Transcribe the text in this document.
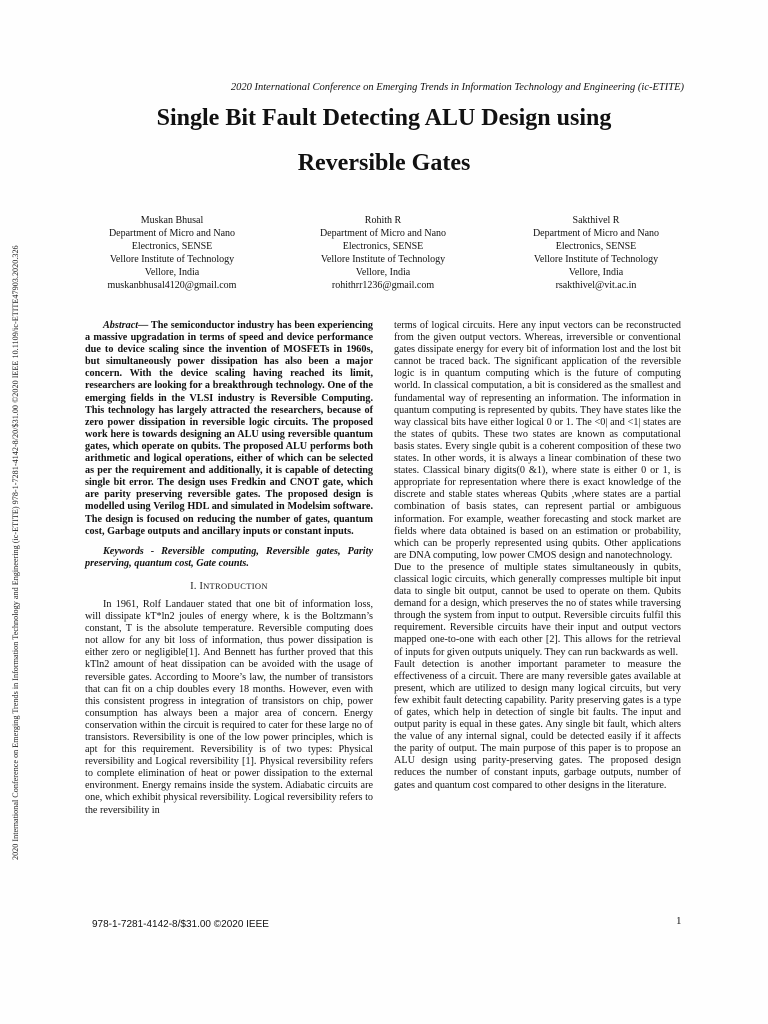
2020 International Conference on Emerging Trends in Information Technology and Engineering (ic-ETITE) 978-1-7281-4142-8/20/$31.00 ©2020 IEEE 10.1109/ic-ETITE47903.2020.326
2020 International Conference on Emerging Trends in Information Technology and Engineering (ic-ETITE)
Single Bit Fault Detecting ALU Design using
Reversible Gates
Muskan Bhusal
Department of Micro and Nano
Electronics, SENSE
Vellore Institute of Technology
Vellore, India
muskanbhusal4120@gmail.com
Rohith R
Department of Micro and Nano
Electronics, SENSE
Vellore Institute of Technology
Vellore, India
rohithrr1236@gmail.com
Sakthivel R
Department of Micro and Nano
Electronics, SENSE
Vellore Institute of Technology
Vellore, India
rsakthivel@vit.ac.in

Abstract— The semiconductor industry has been experiencing a massive upgradation in terms of speed and device performance due to device scaling since the invention of MOSFETs in 1960s, but simultaneously power dissipation has also been a major concern. With the device scaling having reached its limit, researchers are looking for a breakthrough technology. One of the emerging fields in the VLSI industry is Reversible Computing. This technology has largely attracted the researchers, because of zero power dissipation in reversible logic circuits. The proposed work here is towards designing an ALU using reversible quantum gates, which operate on qubits. The proposed ALU performs both arithmetic and logical operations, either of which can be selected as per the requirement and additionally, it is capable of detecting single bit error. The design uses Fredkin and CNOT gate, which are parity preserving reversible gates. The proposed design is modelled using Verilog HDL and simulated in Modelsim software. The design is focused on reducing the number of gates, quantum cost, Garbage outputs and ancillary inputs or constant inputs.

Keywords - Reversible computing, Reversible gates, Parity preserving, quantum cost, Gate counts.

I. INTRODUCTION

In 1961, Rolf Landauer stated that one bit of information loss, will dissipate kT*ln2 joules of energy where, k is the Boltzmann’s constant, T is the absolute temperature. Reversible computing does not allow for any bit loss of information, thus power dissipation is either zero or negligible[1]. And Bennett has further proved that this kTln2 amount of heat dissipation can be avoided with the usage of reversible gates. According to Moore’s law, the number of transistors that can fit on a chip doubles every 18 months. However, even with this consistent progress in integration of transistors on chip, power consumption has always been a major area of concern. Energy conservation within the circuit is required to cater for these large no of transistors. Reversibility is one of the low power principles, which is apt for this requirement. Reversibility is of two types: Physical reversibility and Logical reversibility [1]. Physical reversibility refers to complete elimination of heat or power dissipation to the external environment. Energy remains inside the system. Adiabatic circuits are one, which exhibit physical reversibility. Logical reversibility refers to the reversibility in

terms of logical circuits. Here any input vectors can be reconstructed from the given output vectors. Whereas, irreversible or conventional gates dissipate energy for every bit of information lost and the lost bit cannot be traced back. The significant application of the reversible logic is in quantum computing which is the future of computing world. In classical computation, a bit is considered as the smallest and fundamental way of representing an information. The information in quantum computing is represented by qubits. They have states like the way classical bits have either logical 0 or 1. The <0| and <1| states are the states of qubits. These two states are known as computational basis states. Every single qubit is a coherent composition of these two states. In other words, it is always a linear combination of these two states. Classical binary digits(0 &1), where state is either 0 or 1, is appropriate for representation where there is exact knowledge of the discrete and stable states whereas Qubits ,where states are a partial combination of basis states, can represent partial or ambiguous information. For example, weather forecasting and stock market are fields where data obtained is based on an estimation or probability, which can be properly represented using qubits. Other applications are DNA computing, low power CMOS design and nanotechnology.

Due to the presence of multiple states simultaneously in qubits, classical logic circuits, which generally compresses multiple bit input data to single bit output, cannot be used to operate on them. Qubits demand for a design, which preserves the no of states while traversing through the system from input to output. Reversible circuits fulfil this requirement. Reversible circuits have their input and output vectors mapped one-to-one with each other [2]. This allows for the retrieval of inputs for given outputs uniquely. They can run backwards as well.

Fault detection is another important parameter to measure the effectiveness of a circuit. There are many reversible gates available at present, which are utilized to design many logical circuits, but very few exhibit fault detecting capability. Parity preserving gates is a type of gates, which help in detection of single bit faults. The input and output parity is equal in these gates. Any single bit fault, which alters the value of any internal signal, could be detected easily if it affects the parity of output. The main purpose of this paper is to propose an ALU design using parity-preserving gates. The proposed design reduces the number of constant inputs, garbage outputs, number of gates and quantum cost compared to other designs in the literature.

978-1-7281-4142-8/$31.00 ©2020 IEEE	1
